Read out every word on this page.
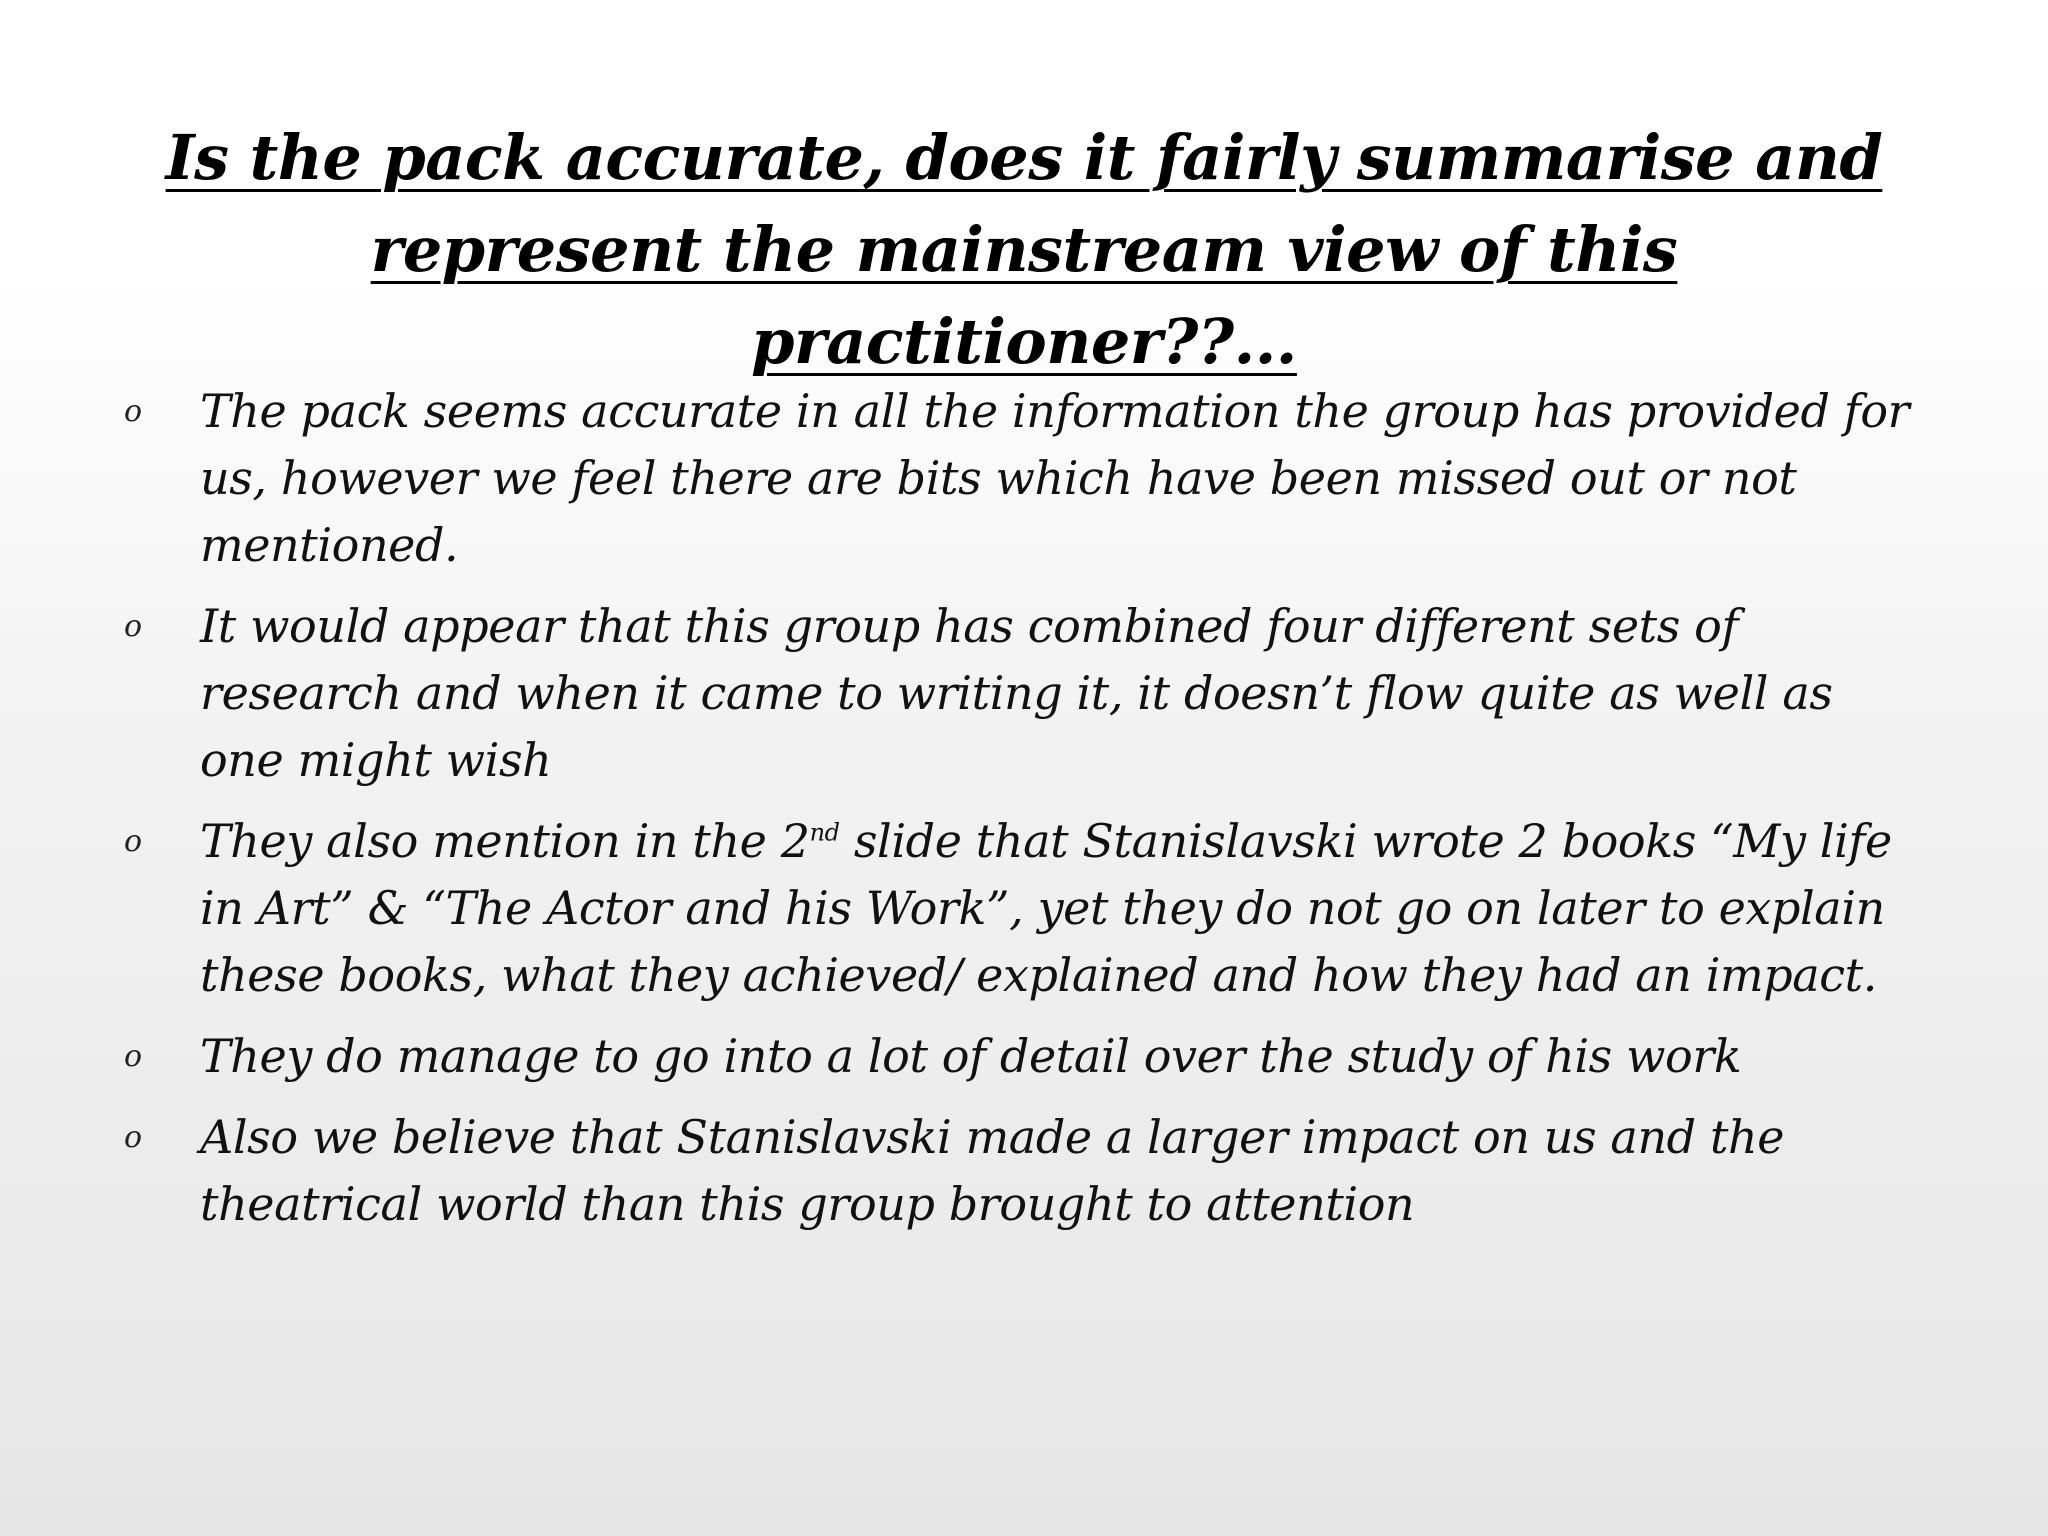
Is the pack accurate, does it fairly summarise and represent the mainstream view of this practitioner??...
o The pack seems accurate in all the information the group has provided for us, however we feel there are bits which have been missed out or not mentioned.
o It would appear that this group has combined four different sets of research and when it came to writing it, it doesn’t flow quite as well as one might wish
o They also mention in the 2nd slide that Stanislavski wrote 2 books “My life in Art” & “The Actor and his Work”, yet they do not go on later to explain these books, what they achieved/ explained and how they had an impact.
o They do manage to go into a lot of detail over the study of his work
o Also we believe that Stanislavski made a larger impact on us and the theatrical world than this group brought to attention
